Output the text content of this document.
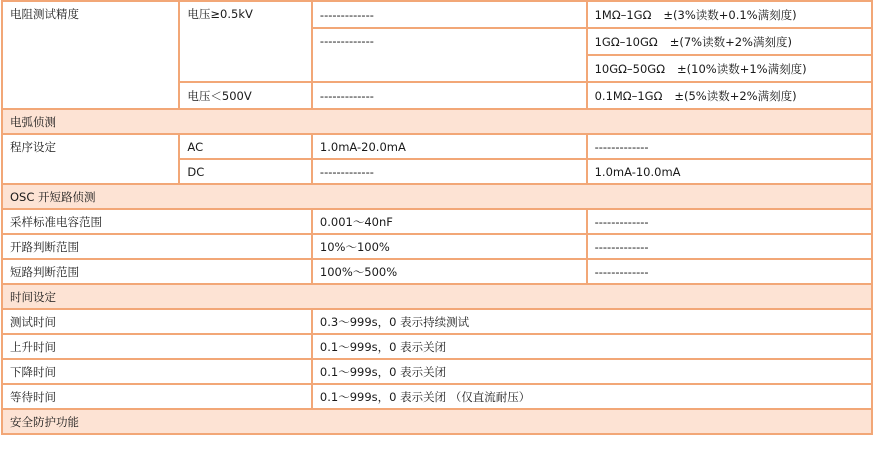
电阻测试精度	电压≥0.5kV	-------------	1MΩ–1GΩ ±(3%读数+0.1%满刻度)
		-------------	1GΩ–10GΩ ±(7%读数+2%满刻度)
			10GΩ–50GΩ ±(10%读数+1%满刻度)
	电压＜500V	-------------	0.1MΩ–1GΩ ±(5%读数+2%满刻度)
电弧侦测			
程序设定	AC	1.0mA-20.0mA	-------------
	DC	-------------	1.0mA-10.0mA
OSC 开短路侦测			
采样标准电容范围		0.001～40nF	-------------
开路判断范围		10%～100%	-------------
短路判断范围		100%～500%	-------------
时间设定			
测试时间		0.3～999s，0 表示持续测试	
上升时间		0.1～999s，0 表示关闭	
下降时间		0.1～999s，0 表示关闭	
等待时间		0.1～999s，0 表示关闭 （仅直流耐压）	
安全防护功能			
